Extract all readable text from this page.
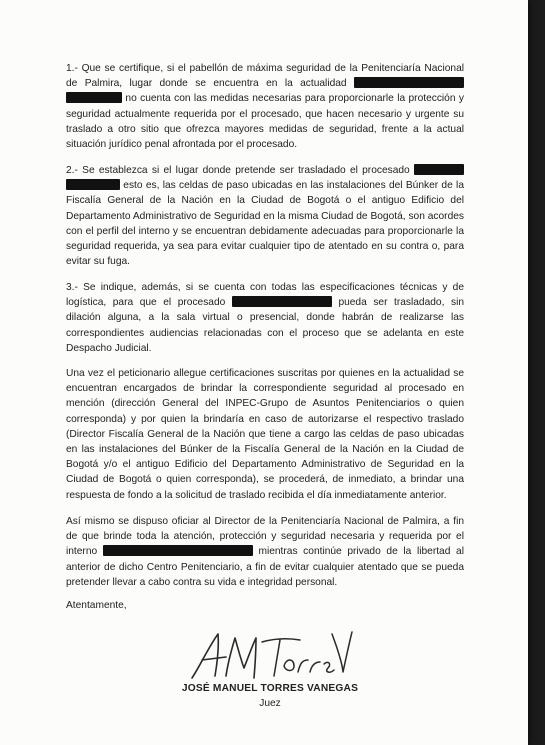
1.- Que se certifique, si el pabellón de máxima seguridad de la Penitenciaría Nacional de Palmira, lugar donde se encuentra en la actualidad   no cuenta con las medidas necesarias para proporcionarle la protección y seguridad actualmente requerida por el procesado, que hacen necesario y urgente su traslado a otro sitio que ofrezca mayores medidas de seguridad, frente a la actual situación jurídico penal afrontada por el procesado.

2.- Se establezca si el lugar donde pretende ser trasladado el procesado   esto es, las celdas de paso ubicadas en las instalaciones del Búnker de la Fiscalía General de la Nación en la Ciudad de Bogotá o el antiguo Edificio del Departamento Administrativo de Seguridad en la misma Ciudad de Bogotá, son acordes con el perfil del interno y se encuentran debidamente adecuadas para proporcionarle la seguridad requerida, ya sea para evitar cualquier tipo de atentado en su contra o, para evitar su fuga.

3.- Se indique, además, si se cuenta con todas las especificaciones técnicas y de logística, para que el procesado	pueda ser trasladado, sin dilación alguna, a la sala virtual o presencial, donde habrán de realizarse las correspondientes audiencias relacionadas con el proceso que se adelanta en este Despacho Judicial.

Una vez el peticionario allegue certificaciones suscritas por quienes en la actualidad se encuentran encargados de brindar la correspondiente seguridad al procesado en mención (dirección General del INPEC-Grupo de Asuntos Penitenciarios o quien corresponda) y por quien la brindaría en caso de autorizarse el respectivo traslado (Director Fiscalía General de la Nación que tiene a cargo las celdas de paso ubicadas en las instalaciones del Búnker de la Fiscalía General de la Nación en la Ciudad de Bogotá y/o el antiguo Edificio del Departamento Administrativo de Seguridad en la Ciudad de Bogotá o quien corresponda), se procederá, de inmediato, a brindar una respuesta de fondo a la solicitud de traslado recibida el día inmediatamente anterior.

Así mismo se dispuso oficiar al Director de la Penitenciaría Nacional de Palmira, a fin de que brinde toda la atención, protección y seguridad necesaria y requerida por el interno	mientras continúe privado de la libertad al anterior de dicho Centro Penitenciario, a fin de evitar cualquier atentado que se pueda pretender llevar a cabo contra su vida e integridad personal.

Atentamente,

JOSÉ MANUEL TORRES VANEGAS
Juez
